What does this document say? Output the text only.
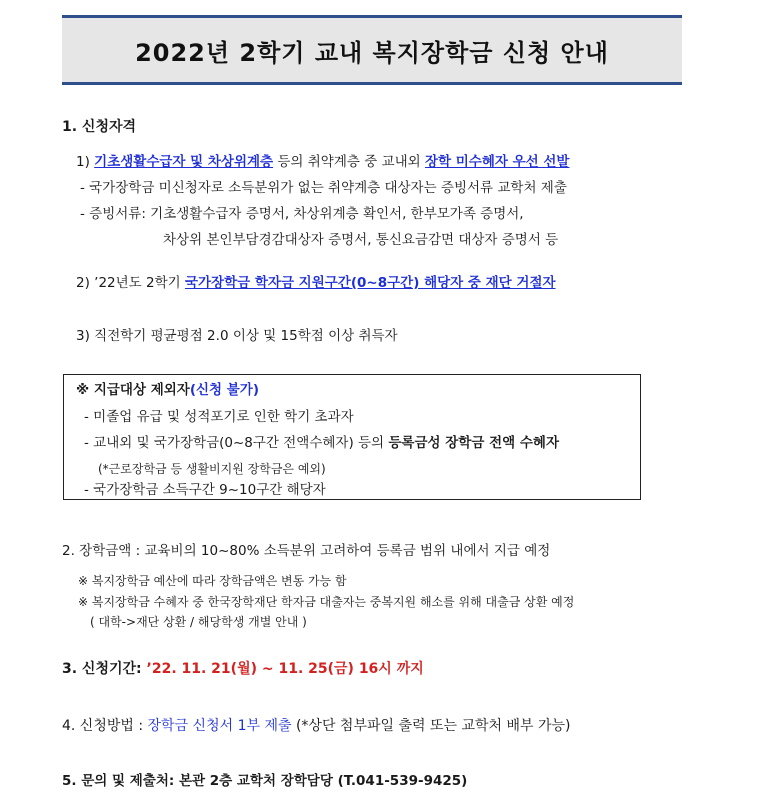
2022년 2학기 교내 복지장학금 신청 안내
1. 신청자격
1) 기초생활수급자 및 차상위계층 등의 취약계층 중 교내외 장학 미수혜자 우선 선발
- 국가장학금 미신청자로 소득분위가 없는 취약계층 대상자는 증빙서류 교학처 제출
- 증빙서류: 기초생활수급자 증명서, 차상위계층 확인서, 한부모가족 증명서,
차상위 본인부담경감대상자 증명서, 통신요금감면 대상자 증명서 등
2) ’22년도 2학기 국가장학금 학자금 지원구간(0~8구간) 해당자 중 재단 거절자
3) 직전학기 평균평점 2.0 이상 및 15학점 이상 취득자
※ 지급대상 제외자(신청 불가)
- 미졸업 유급 및 성적포기로 인한 학기 초과자
- 교내외 및 국가장학금(0~8구간 전액수혜자) 등의 등록금성 장학금 전액 수혜자
(*근로장학금 등 생활비지원 장학금은 예외)
- 국가장학금 소득구간 9~10구간 해당자
2. 장학금액 : 교육비의 10~80% 소득분위 고려하여 등록금 범위 내에서 지급 예정
※ 복지장학금 예산에 따라 장학금액은 변동 가능 함
※ 복지장학금 수혜자 중 한국장학재단 학자금 대출자는 중복지원 해소를 위해 대출금 상환 예정
( 대학->재단 상환 / 해당학생 개별 안내 )
3. 신청기간: ’22. 11. 21(월) ~ 11. 25(금) 16시 까지
4. 신청방법 : 장학금 신청서 1부 제출 (*상단 첨부파일 출력 또는 교학처 배부 가능)
5. 문의 및 제출처: 본관 2층 교학처 장학담당 (T.041-539-9425)
